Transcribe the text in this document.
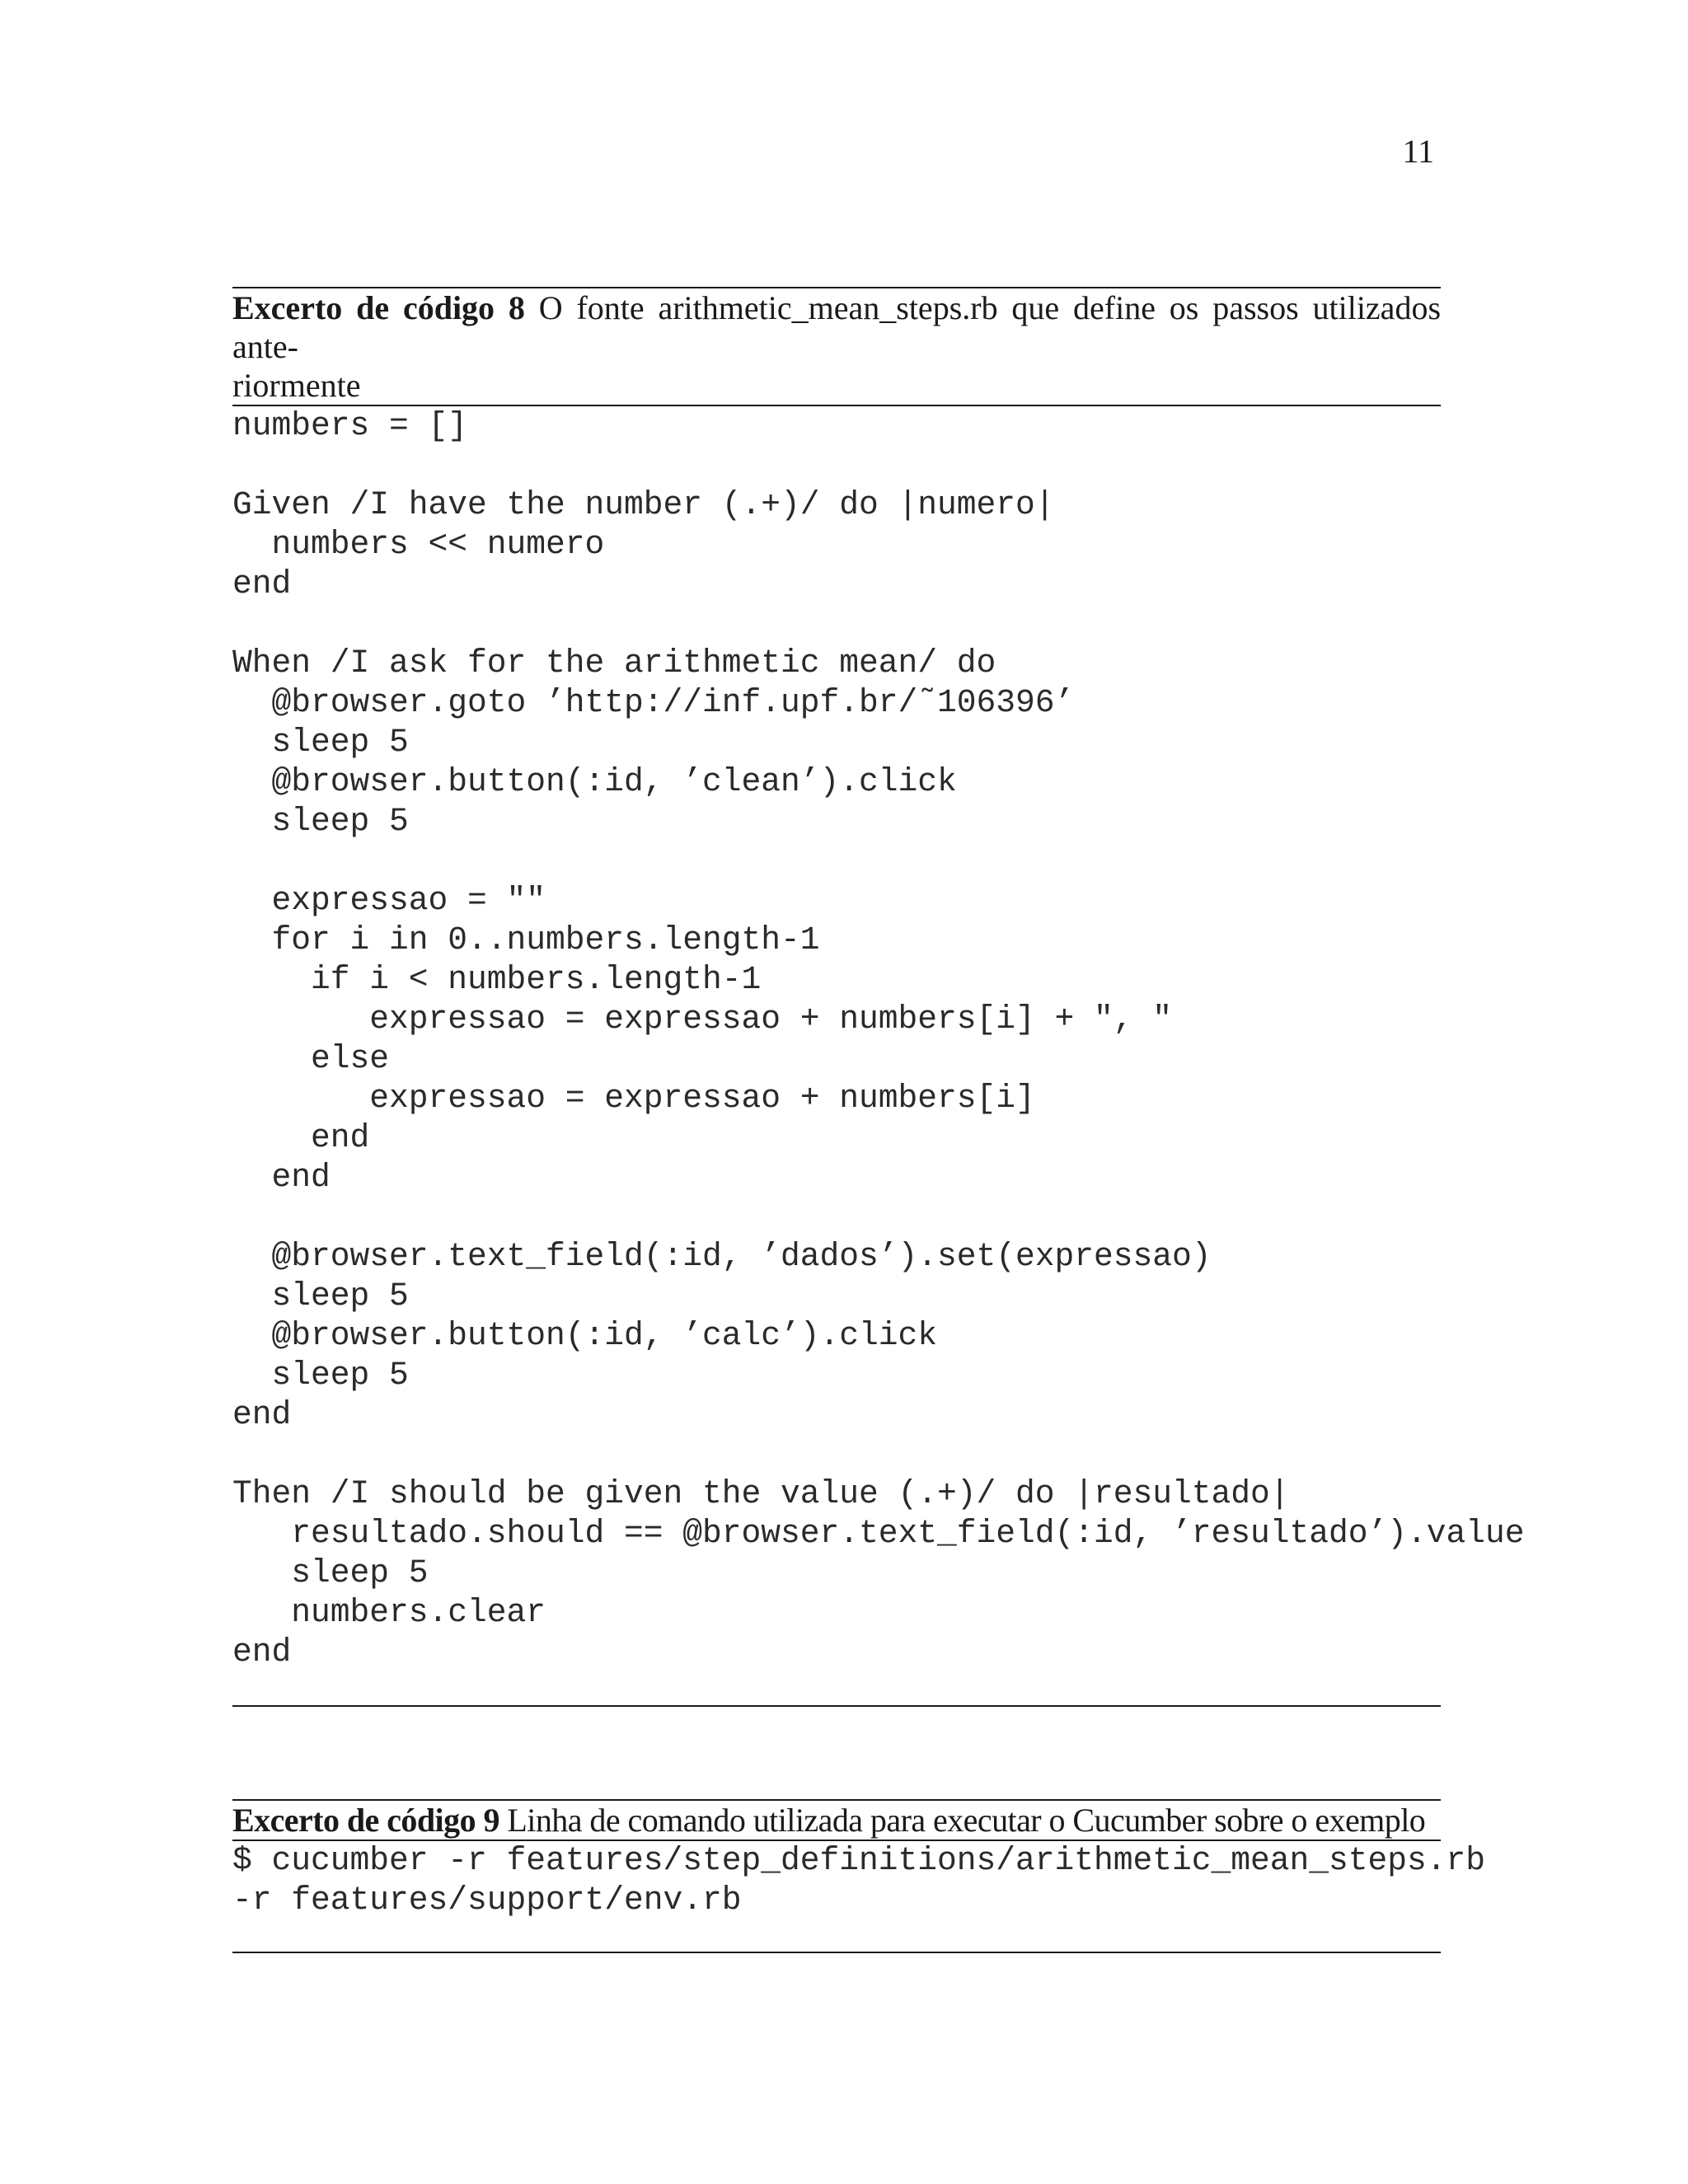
11

Excerto de código 8 O fonte arithmetic_mean_steps.rb que define os passos utilizados ante-
riormente

numbers = []
Given /I have the number (.+)/ do |numero|
numbers << numero
end
When /I ask for the arithmetic mean/ do
@browser.goto ’http://inf.upf.br/˜106396’
sleep 5
@browser.button(:id, ’clean’).click
sleep 5
expressao = ""
for i in 0..numbers.length-1
if i < numbers.length-1
expressao = expressao + numbers[i] + ", "
else
expressao = expressao + numbers[i]
end
end
@browser.text_field(:id, ’dados’).set(expressao)
sleep 5
@browser.button(:id, ’calc’).click
sleep 5
end
Then /I should be given the value (.+)/ do |resultado|
resultado.should == @browser.text_field(:id, ’resultado’).value
sleep 5
numbers.clear
end

Excerto de código 9 Linha de comando utilizada para executar o Cucumber sobre o exemplo

$ cucumber -r features/step_definitions/arithmetic_mean_steps.rb
-r features/support/env.rb
